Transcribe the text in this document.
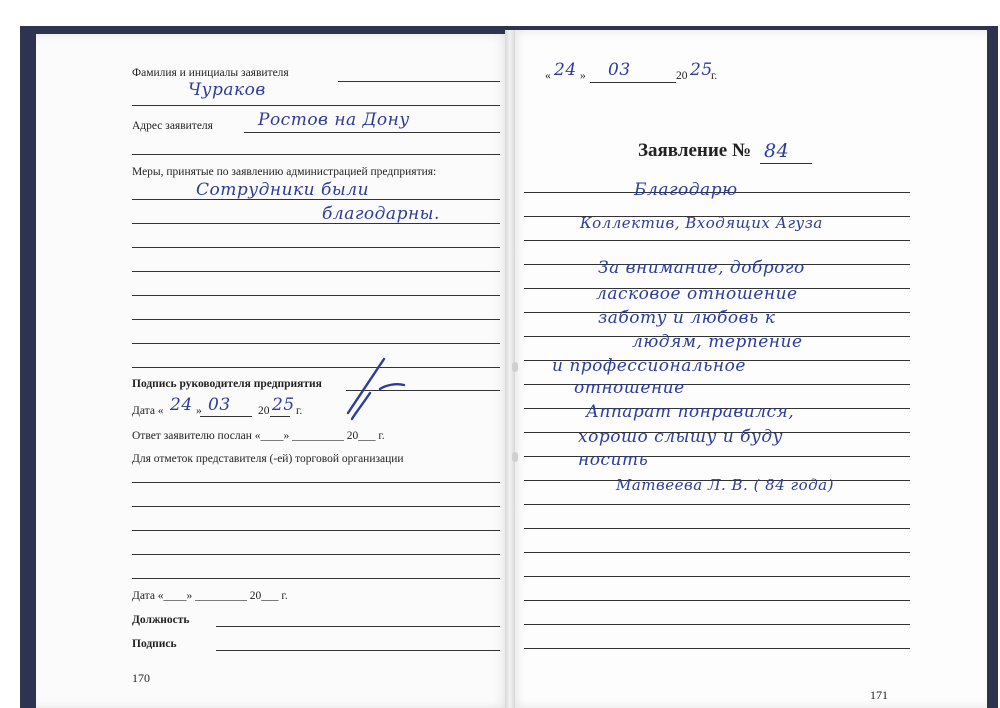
Фамилия и инициалы заявителя
Чураков
Адрес заявителя	Ростов на Дону
Меры, принятые по заявлению администрацией предприятия:
Сотрудники были
благодарны.
Подпись руководителя предприятия
Дата « 24 » 03 20 25 г.
Ответ заявителю послан «____» _________ 20___ г.
Для отметок представителя (-ей) торговой организации
Дата «____» _________ 20___ г.
Должность
Подпись
170
« 24 » 03	20 25
г.
Заявление № 84
Благодарю
Коллектив, Входящих Агуза
За внимание, доброго
ласковое отношение
заботу и любовь к
людям, терпение
и профессиональное
отношение
Аппарат понравился,
хорошо слышу и буду
носить
Матвеева Л. В. ( 84 года)
171
